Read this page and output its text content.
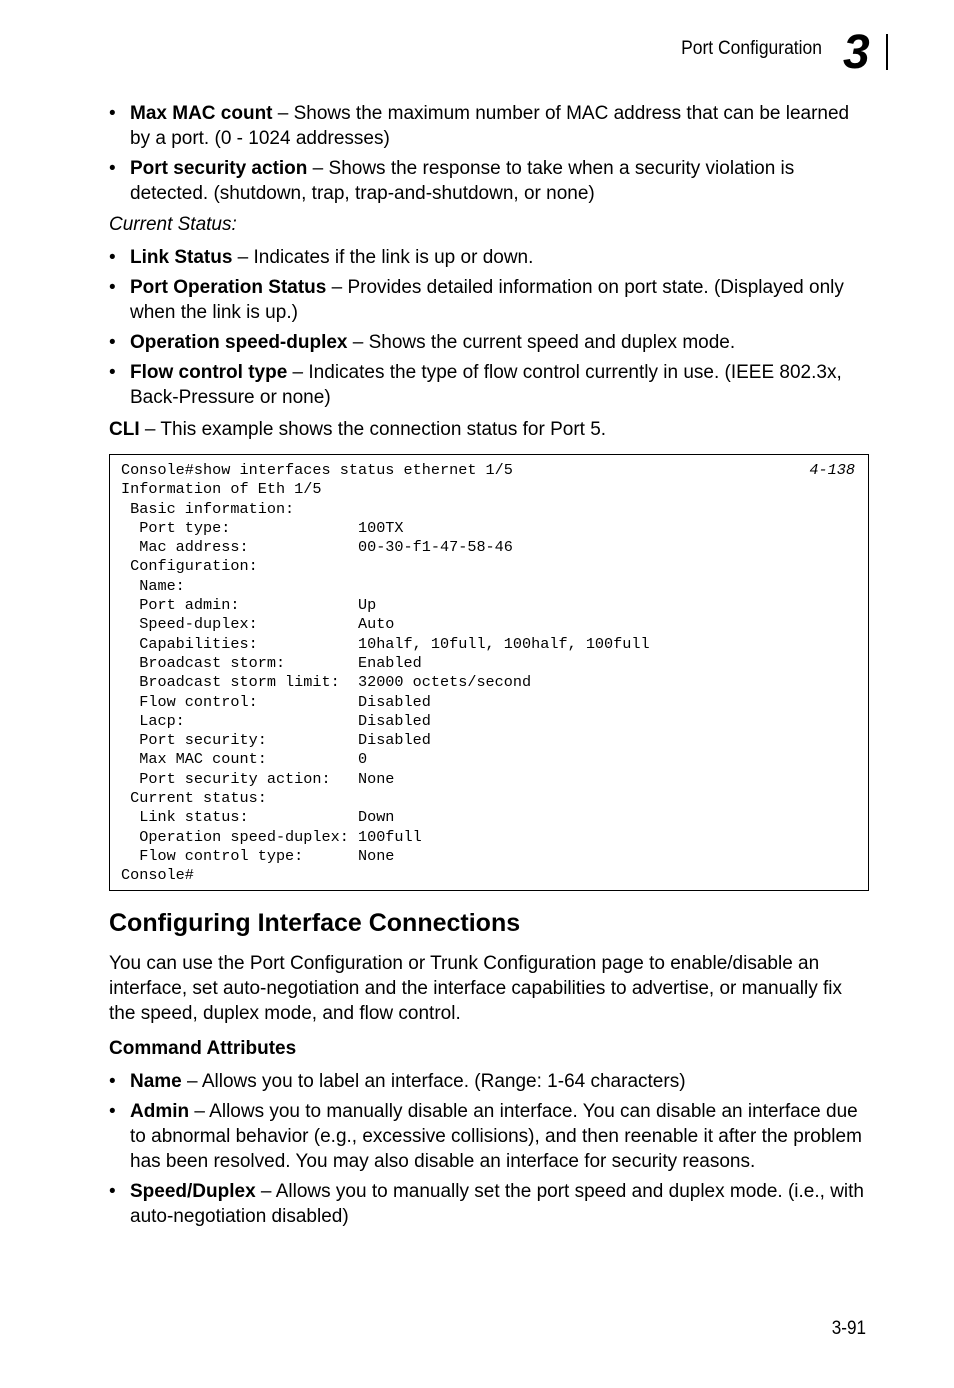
Port Configuration 3
• Max MAC count – Shows the maximum number of MAC address that can be learned by a port. (0 - 1024 addresses)
• Port security action – Shows the response to take when a security violation is detected. (shutdown, trap, trap-and-shutdown, or none)
Current Status:
• Link Status – Indicates if the link is up or down.
• Port Operation Status – Provides detailed information on port state. (Displayed only when the link is up.)
• Operation speed-duplex – Shows the current speed and duplex mode.
• Flow control type – Indicates the type of flow control currently in use. (IEEE 802.3x, Back-Pressure or none)
CLI – This example shows the connection status for Port 5.
4-138
Console#show interfaces status ethernet 1/5
Information of Eth 1/5
Basic information:
Port type:              100TX
Mac address:            00-30-f1-47-58-46
Configuration:
Name:
Port admin:             Up
Speed-duplex:           Auto
Capabilities:           10half, 10full, 100half, 100full
Broadcast storm:        Enabled
Broadcast storm limit:  32000 octets/second
Flow control:           Disabled
Lacp:                   Disabled
Port security:          Disabled
Max MAC count:          0
Port security action:   None
Current status:
Link status:            Down
Operation speed-duplex: 100full
Flow control type:      None
Console#
Configuring Interface Connections
You can use the Port Configuration or Trunk Configuration page to enable/disable an interface, set auto-negotiation and the interface capabilities to advertise, or manually fix the speed, duplex mode, and flow control.
Command Attributes
• Name – Allows you to label an interface. (Range: 1-64 characters)
• Admin – Allows you to manually disable an interface. You can disable an interface due to abnormal behavior (e.g., excessive collisions), and then reenable it after the problem has been resolved. You may also disable an interface for security reasons.
• Speed/Duplex – Allows you to manually set the port speed and duplex mode. (i.e., with auto-negotiation disabled)
3-91
